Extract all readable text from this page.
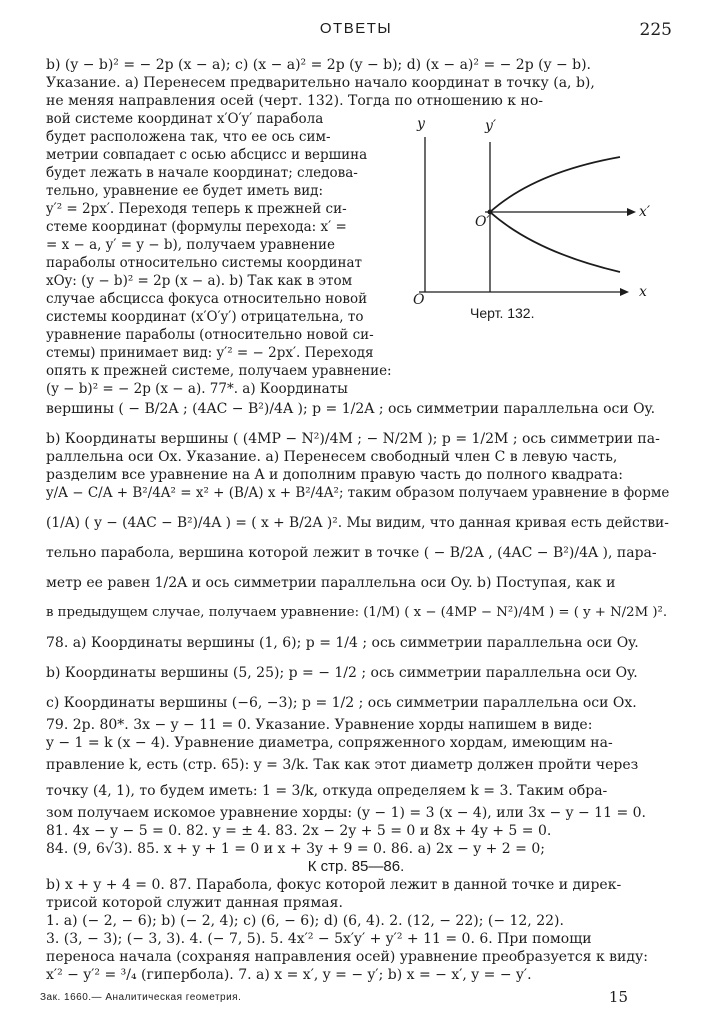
ОТВЕТЫ	225
b) (y − b)² = − 2p (x − a); c) (x − a)² = 2p (y − b); d) (x − a)² = − 2p (y − b).
Указание. a) Перенесем предварительно начало координат в точку (a, b),
не меняя направления осей (черт. 132). Тогда по отношению к но-
вой системе координат x′O′y′ парабола
будет расположена так, что ее ось сим-
метрии совпадает с осью абсцисс и вершина
будет лежать в начале координат; следова-
тельно, уравнение ее будет иметь вид:
y′² = 2px′. Переходя теперь к прежней си-
стеме координат (формулы перехода: x′ =
= x − a, y′ = y − b), получаем уравнение
параболы относительно системы координат
xOy: (y − b)² = 2p (x − a). b) Так как в этом
случае абсцисса фокуса относительно новой
системы координат (x′O′y′) отрицательна, то
уравнение параболы (относительно новой си-
стемы) принимает вид: y′² = − 2px′. Переходя
опять к прежней системе, получаем уравнение:
(y − b)² = − 2p (x − a). 77*. a) Координаты
y	y′
x
x′
O
O′
Черт. 132.
вершины ( − B/2A ; (4AC − B²)/4A ); p = 1/2A ; ось симметрии параллельна оси Oy.
b) Координаты вершины ( (4MP − N²)/4M ; − N/2M ); p = 1/2M ; ось симметрии па-
раллельна оси Ox. Указание. a) Перенесем свободный член C в левую часть,
разделим все уравнение на A и дополним правую часть до полного квадрата:
y/A − C/A + B²/4A² = x² + (B/A) x + B²/4A²; таким образом получаем уравнение в форме
(1/A) ( y − (4AC − B²)/4A ) = ( x + B/2A )². Мы видим, что данная кривая есть действи-
тельно парабола, вершина которой лежит в точке ( − B/2A , (4AC − B²)/4A ), пара-
метр ее равен 1/2A и ось симметрии параллельна оси Oy. b) Поступая, как и
в предыдущем случае, получаем уравнение: (1/M) ( x − (4MP − N²)/4M ) = ( y + N/2M )².
78. a) Координаты вершины (1, 6); p = 1/4 ; ось симметрии параллельна оси Oy.
b) Координаты вершины (5, 25); p = − 1/2 ; ось симметрии параллельна оси Oy.
c) Координаты вершины (−6, −3); p = 1/2 ; ось симметрии параллельна оси Ox.
79. 2p. 80*. 3x − y − 11 = 0. Указание. Уравнение хорды напишем в виде:
y − 1 = k (x − 4). Уравнение диаметра, сопряженного хордам, имеющим на-
правление k, есть (стр. 65): y = 3/k. Так как этот диаметр должен пройти через
точку (4, 1), то будем иметь: 1 = 3/k, откуда определяем k = 3. Таким обра-
зом получаем искомое уравнение хорды: (y − 1) = 3 (x − 4), или 3x − y − 11 = 0.
81. 4x − y − 5 = 0. 82. y = ± 4. 83. 2x − 2y + 5 = 0 и 8x + 4y + 5 = 0.
84. (9, 6√3). 85. x + y + 1 = 0 и x + 3y + 9 = 0. 86. a) 2x − y + 2 = 0;
b) x + y + 4 = 0. 87. Парабола, фокус которой лежит в данной точке и дирек-
трисой которой служит данная прямая.
1. a) (− 2, − 6); b) (− 2, 4); c) (6, − 6); d) (6, 4). 2. (12, − 22); (− 12, 22).
3. (3, − 3); (− 3, 3). 4. (− 7, 5). 5. 4x′² − 5x′y′ + y′² + 11 = 0. 6. При помощи
переноса начала (сохраняя направления осей) уравнение преобразуется к виду:
x′² − y′² = ³/₄ (гипербола). 7. a) x = x′, y = − y′; b) x = − x′, y = − y′.
К стр. 85—86.
Зак. 1660.— Аналитическая геометрия.	15
